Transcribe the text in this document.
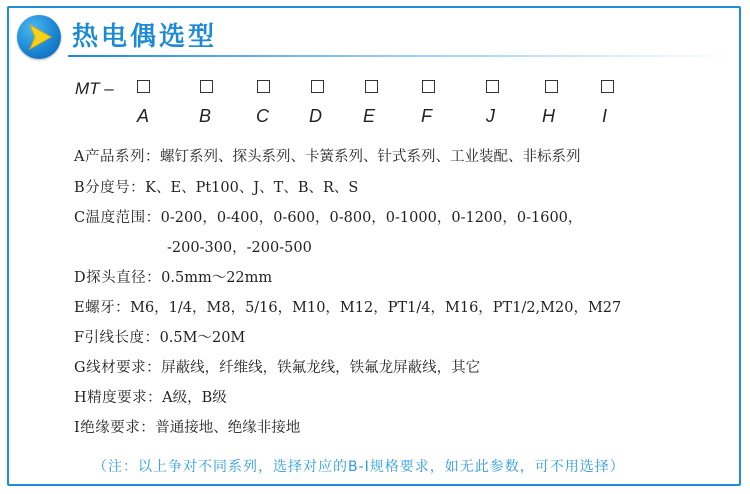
热电偶选型
MT –
A	B C D E	F	J	H	I
A产品系列：螺钉系列、探头系列、卡簧系列、针式系列、工业装配、非标系列
B分度号：K、E、Pt100、J、T、B、R、S
C温度范围：0-200，0-400，0-600，0-800，0-1000，0-1200，0-1600，
-200-300，-200-500
D探头直径：0.5mm～22mm
E螺牙：M6，1/4，M8，5/16，M10，M12，PT1/4，M16，PT1/2,M20，M27
F引线长度：0.5M～20M
G线材要求：屏蔽线，纤维线，铁氟龙线，铁氟龙屏蔽线，其它
H精度要求：A级，B级
I绝缘要求：普通接地、绝缘非接地
（注：以上争对不同系列，选择对应的B-I规格要求，如无此参数，可不用选择）
